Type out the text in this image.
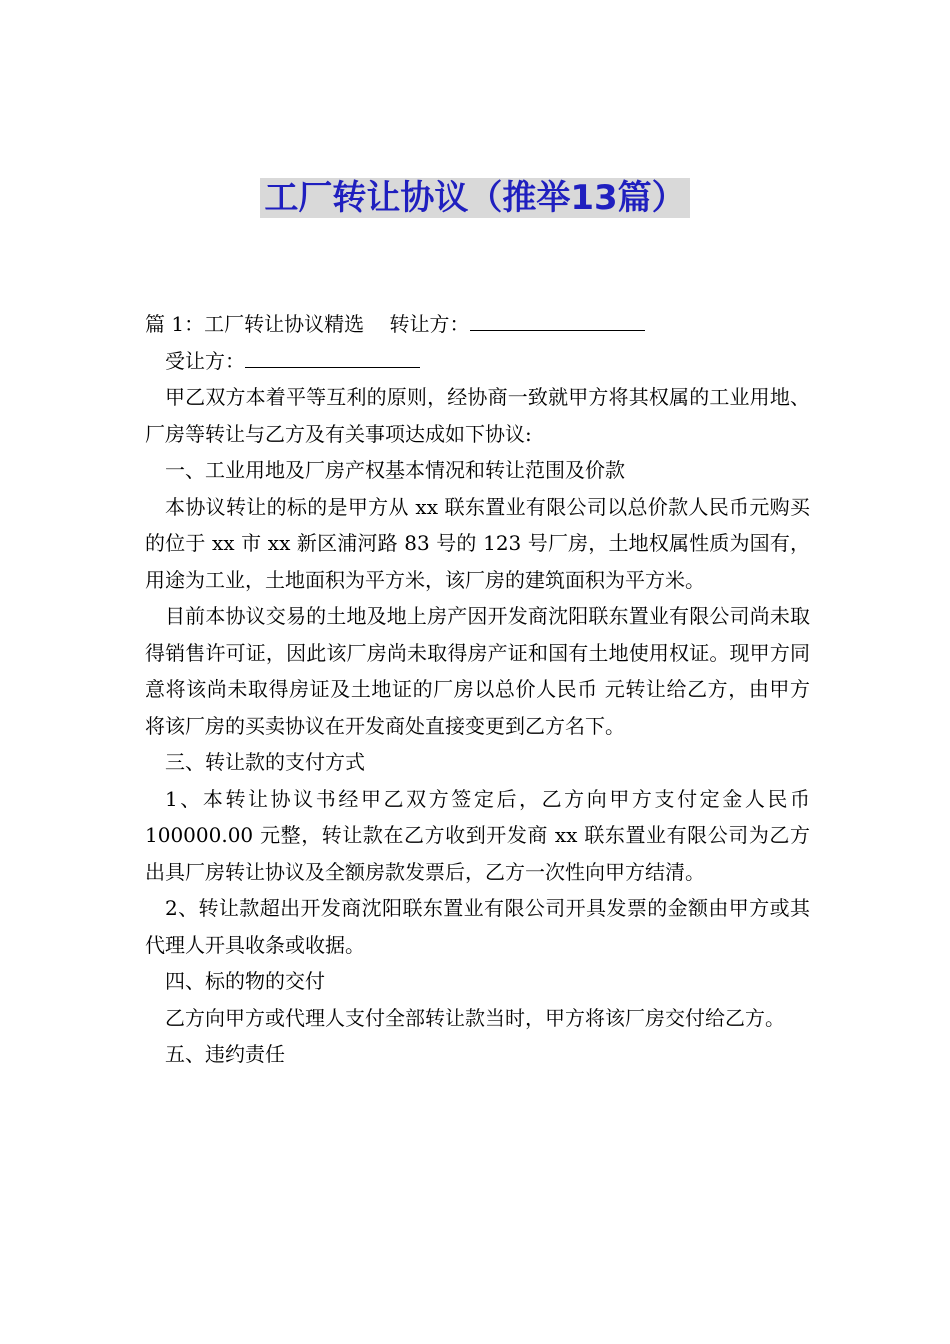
工厂转让协议（推举13篇）
篇 1：工厂转让协议精选 转让方：
受让方：

甲乙双方本着平等互利的原则，经协商一致就甲方将其权属的工业用地、厂房等转让与乙方及有关事项达成如下协议:

一、工业用地及厂房产权基本情况和转让范围及价款

本协议转让的标的是甲方从 xx 联东置业有限公司以总价款人民币元购买的位于 xx 市 xx 新区浦河路 83 号的 123 号厂房，土地权属性质为国有，用途为工业，土地面积为平方米，该厂房的建筑面积为平方米。

目前本协议交易的土地及地上房产因开发商沈阳联东置业有限公司尚未取得销售许可证，因此该厂房尚未取得房产证和国有土地使用权证。现甲方同意将该尚未取得房证及土地证的厂房以总价人民币 元转让给乙方，由甲方将该厂房的买卖协议在开发商处直接变更到乙方名下。

三、转让款的支付方式

1、本转让协议书经甲乙双方签定后，乙方向甲方支付定金人民币 100000.00 元整，转让款在乙方收到开发商 xx 联东置业有限公司为乙方出具厂房转让协议及全额房款发票后，乙方一次性向甲方结清。

2、转让款超出开发商沈阳联东置业有限公司开具发票的金额由甲方或其代理人开具收条或收据。

四、标的物的交付

乙方向甲方或代理人支付全部转让款当时，甲方将该厂房交付给乙方。

五、违约责任
